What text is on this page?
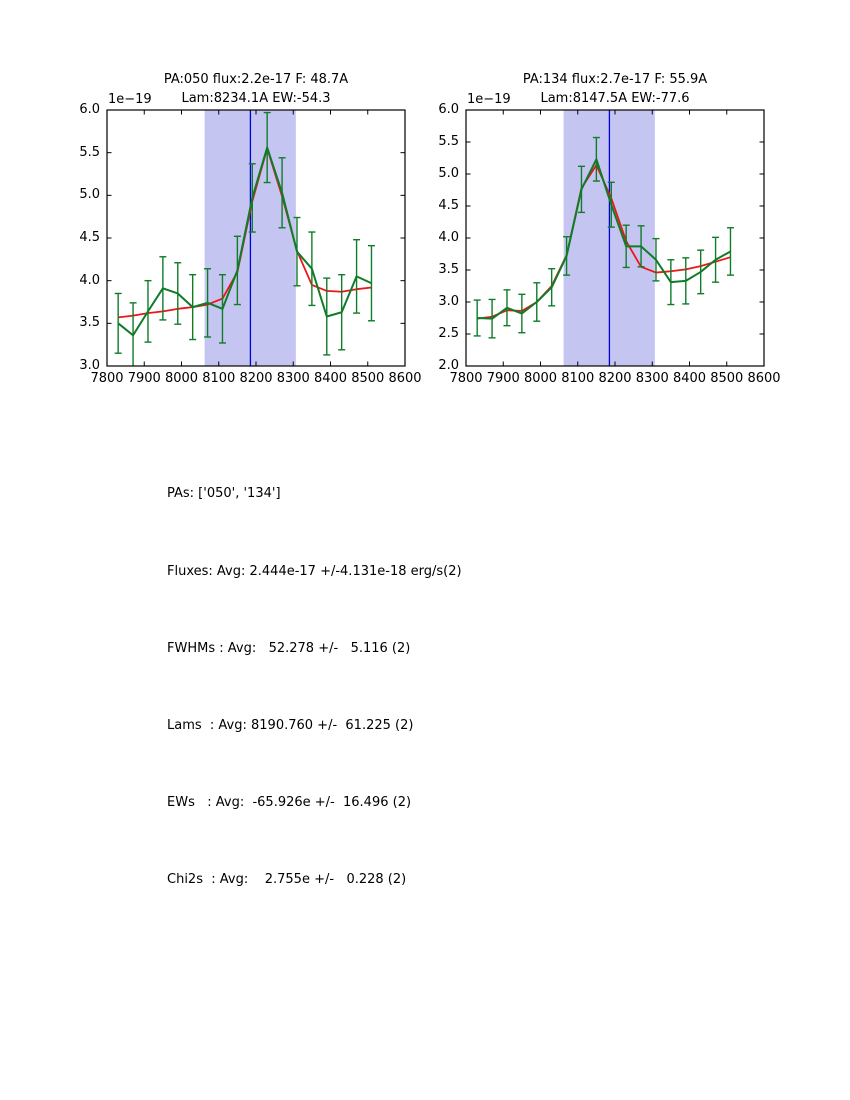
PA:050 flux:2.2e-17 F: 48.7A
Lam:8234.1A EW:-54.3
1e−19
7800 7900 8000 8100 8200 8300 8400 8500 8600
3.0
3.5
4.0
4.5
5.0
5.5
6.0
PA:134 flux:2.7e-17 F: 55.9A
Lam:8147.5A EW:-77.6
1e−19
7800 7900 8000 8100 8200 8300 8400 8500 8600
2.0
2.5
3.0
3.5
4.0
4.5
5.0
5.5
6.0

PAs: ['050', '134']

Fluxes: Avg: 2.444e-17 +/-4.131e-18 erg/s(2)

FWHMs : Avg:   52.278 +/-   5.116 (2)

Lams  : Avg: 8190.760 +/-  61.225 (2)

EWs   : Avg:  -65.926e +/-  16.496 (2)

Chi2s  : Avg:    2.755e +/-   0.228 (2)
